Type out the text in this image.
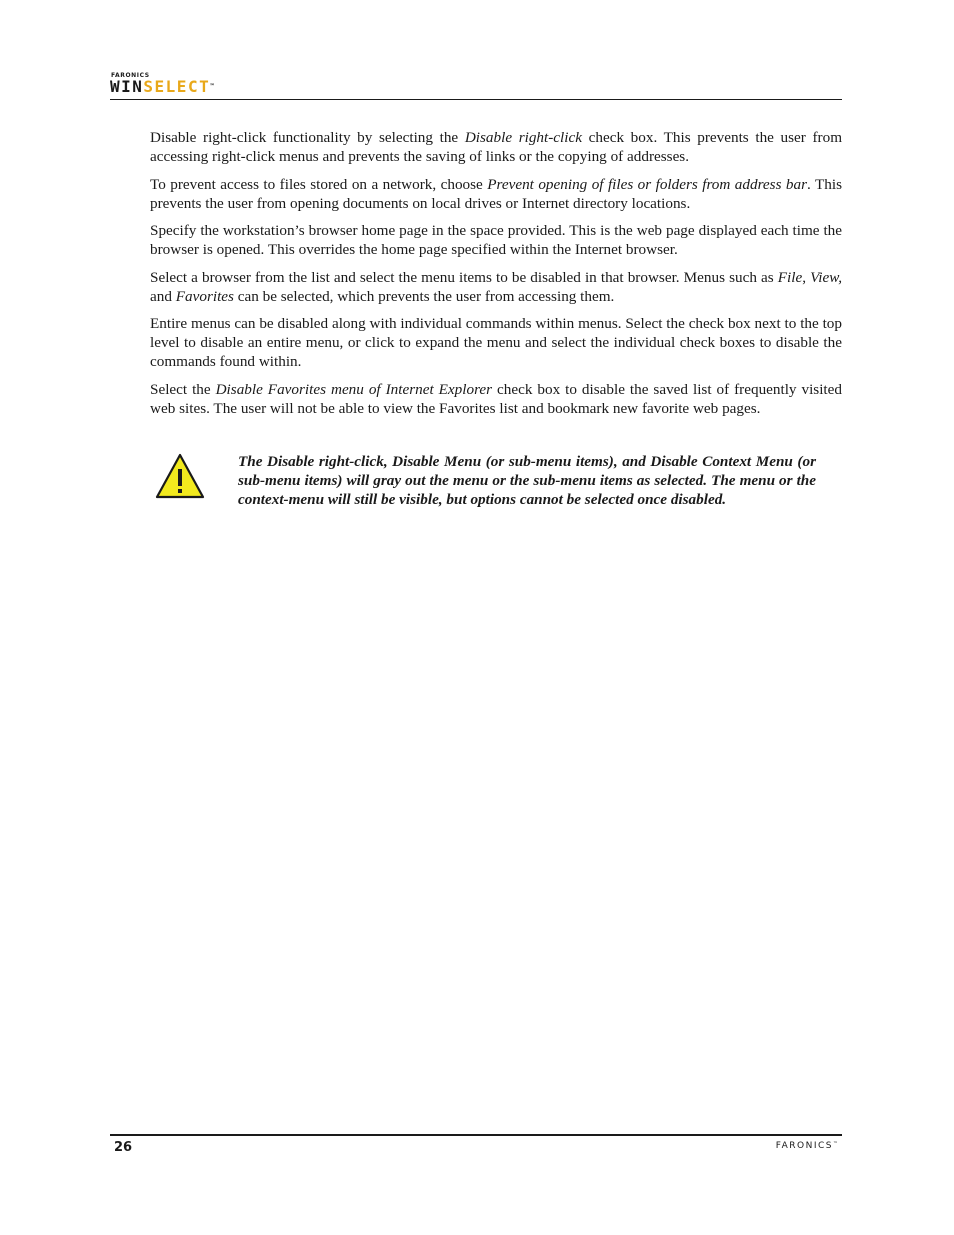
FARONICS
WINSELECT™

Disable right-click functionality by selecting the Disable right-click check box. This prevents the user from accessing right-click menus and prevents the saving of links or the copying of addresses.

To prevent access to files stored on a network, choose Prevent opening of files or folders from address bar. This prevents the user from opening documents on local drives or Internet directory locations.

Specify the workstation’s browser home page in the space provided. This is the web page displayed each time the browser is opened. This overrides the home page specified within the Internet browser.

Select a browser from the list and select the menu items to be disabled in that browser. Menus such as File, View, and Favorites can be selected, which prevents the user from accessing them.

Entire menus can be disabled along with individual commands within menus. Select the check box next to the top level to disable an entire menu, or click to expand the menu and select the individual check boxes to disable the commands found within.

Select the Disable Favorites menu of Internet Explorer check box to disable the saved list of frequently visited web sites. The user will not be able to view the Favorites list and bookmark new favorite web pages.

The Disable right-click, Disable Menu (or sub-menu items), and Disable Context Menu (or sub-menu items) will gray out the menu or the sub-menu items as selected. The menu or the context-menu will still be visible, but options cannot be selected once disabled.

26	FARONICS™
